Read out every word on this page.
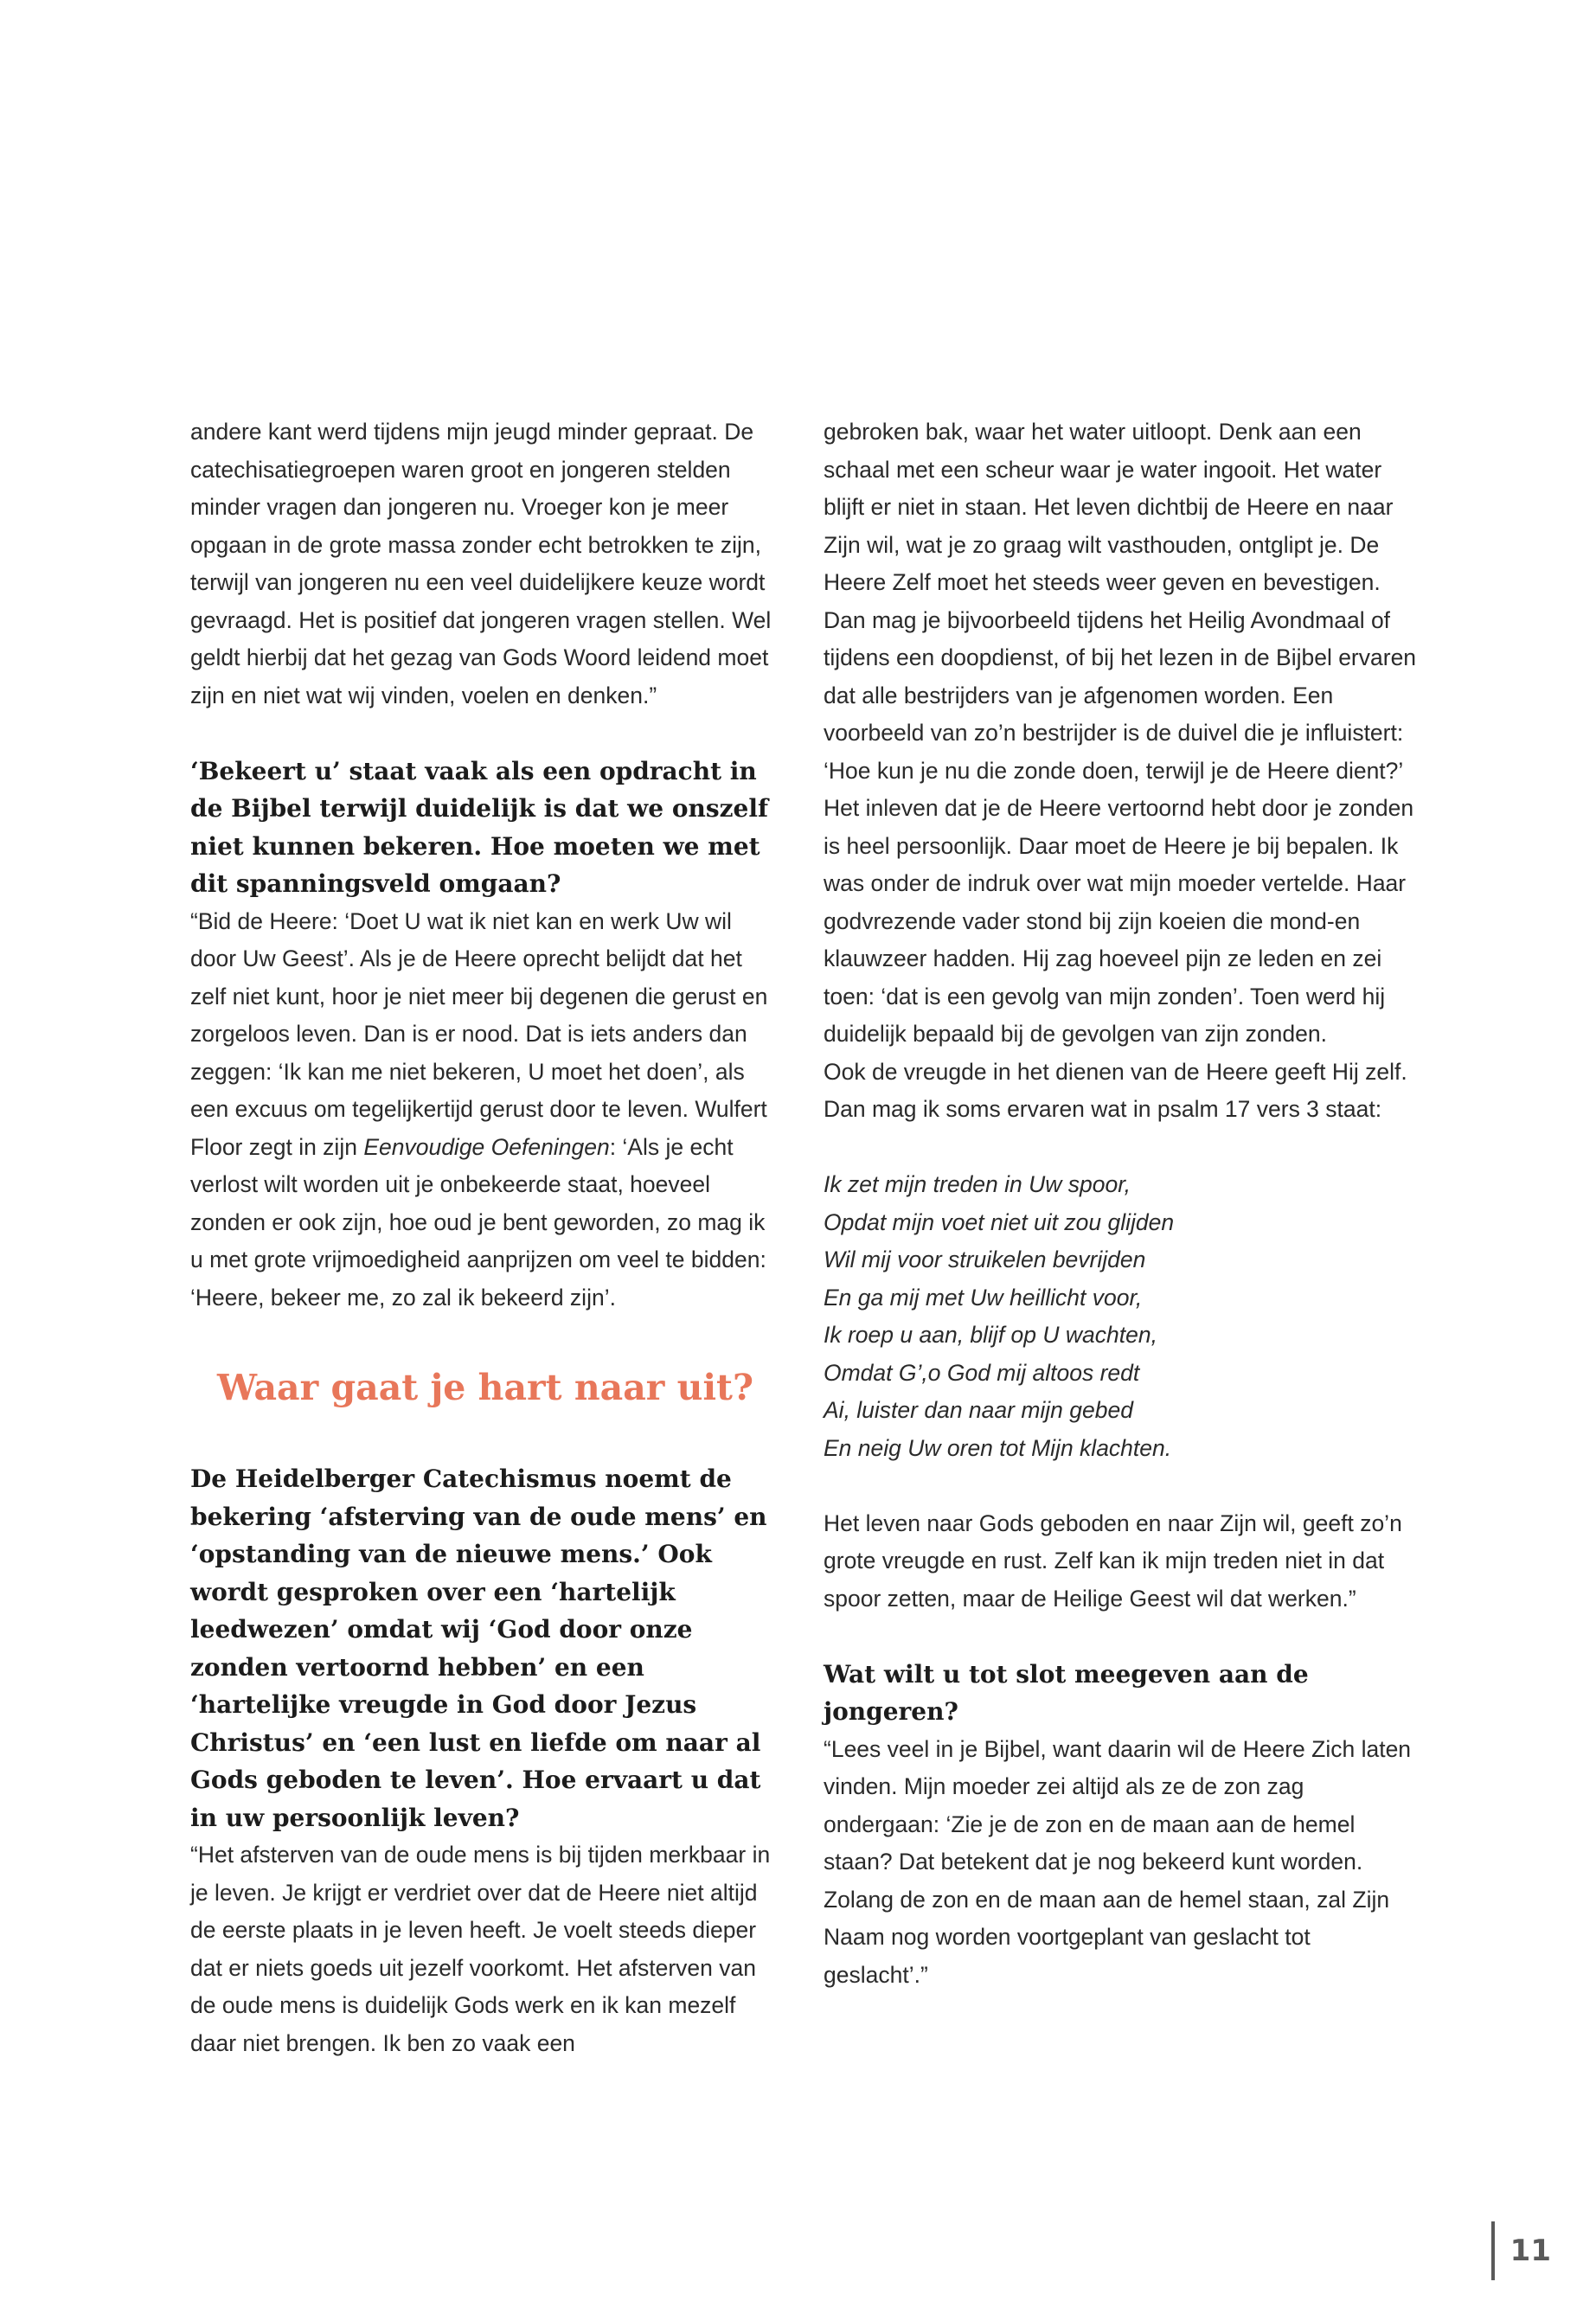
andere kant werd tijdens mijn jeugd minder gepraat. De catechisatiegroepen waren groot en jongeren stelden minder vragen dan jongeren nu. Vroeger kon je meer opgaan in de grote massa zonder echt betrokken te zijn, terwijl van jongeren nu een veel duidelijkere keuze wordt gevraagd. Het is positief dat jongeren vragen stellen. Wel geldt hierbij dat het gezag van Gods Woord leidend moet zijn en niet wat wij vinden, voelen en denken.”

‘Bekeert u’ staat vaak als een opdracht in de Bijbel terwijl duidelijk is dat we onszelf niet kunnen bekeren. Hoe moeten we met dit spanningsveld omgaan?

“Bid de Heere: ‘Doet U wat ik niet kan en werk Uw wil door Uw Geest’. Als je de Heere oprecht belijdt dat het zelf niet kunt, hoor je niet meer bij degenen die gerust en zorgeloos leven. Dan is er nood. Dat is iets anders dan zeggen: ‘Ik kan me niet bekeren, U moet het doen’, als een excuus om tegelijkertijd gerust door te leven. Wulfert Floor zegt in zijn Eenvoudige Oefeningen: ‘Als je echt verlost wilt worden uit je onbekeerde staat, hoeveel zonden er ook zijn, hoe oud je bent geworden, zo mag ik u met grote vrijmoedigheid aanprijzen om veel te bidden: ‘Heere, bekeer me, zo zal ik bekeerd zijn’.

Waar gaat je hart naar uit?

De Heidelberger Catechismus noemt de bekering ‘afsterving van de oude mens’ en ‘opstanding van de nieuwe mens.’ Ook wordt gesproken over een ‘hartelijk leedwezen’ omdat wij ‘God door onze zonden vertoornd hebben’ en een ‘hartelijke vreugde in God door Jezus Christus’ en ‘een lust en liefde om naar al Gods geboden te leven’. Hoe ervaart u dat in uw persoonlijk leven?

“Het afsterven van de oude mens is bij tijden merkbaar in je leven. Je krijgt er verdriet over dat de Heere niet altijd de eerste plaats in je leven heeft. Je voelt steeds dieper dat er niets goeds uit jezelf voorkomt. Het afsterven van de oude mens is duidelijk Gods werk en ik kan mezelf daar niet brengen. Ik ben zo vaak een

gebroken bak, waar het water uitloopt. Denk aan een schaal met een scheur waar je water ingooit. Het water blijft er niet in staan. Het leven dichtbij de Heere en naar Zijn wil, wat je zo graag wilt vasthouden, ontglipt je. De Heere Zelf moet het steeds weer geven en bevestigen. Dan mag je bijvoorbeeld tijdens het Heilig Avondmaal of tijdens een doopdienst, of bij het lezen in de Bijbel ervaren dat alle bestrijders van je afgenomen worden. Een voorbeeld van zo’n bestrijder is de duivel die je influistert: ‘Hoe kun je nu die zonde doen, terwijl je de Heere dient?’

Het inleven dat je de Heere vertoornd hebt door je zonden is heel persoonlijk. Daar moet de Heere je bij bepalen. Ik was onder de indruk over wat mijn moeder vertelde. Haar godvrezende vader stond bij zijn koeien die mond-en klauwzeer hadden. Hij zag hoeveel pijn ze leden en zei toen: ‘dat is een gevolg van mijn zonden’. Toen werd hij duidelijk bepaald bij de gevolgen van zijn zonden.

Ook de vreugde in het dienen van de Heere geeft Hij zelf. Dan mag ik soms ervaren wat in psalm 17 vers 3 staat:

Ik zet mijn treden in Uw spoor,

Opdat mijn voet niet uit zou glijden

Wil mij voor struikelen bevrijden

En ga mij met Uw heillicht voor,

Ik roep u aan, blijf op U wachten,

Omdat G’,o God mij altoos redt

Ai, luister dan naar mijn gebed

En neig Uw oren tot Mijn klachten.

Het leven naar Gods geboden en naar Zijn wil, geeft zo’n grote vreugde en rust. Zelf kan ik mijn treden niet in dat spoor zetten, maar de Heilige Geest wil dat werken.”

Wat wilt u tot slot meegeven aan de jongeren?

“Lees veel in je Bijbel, want daarin wil de Heere Zich laten vinden. Mijn moeder zei altijd als ze de zon zag ondergaan: ‘Zie je de zon en de maan aan de hemel staan? Dat betekent dat je nog bekeerd kunt worden. Zolang de zon en de maan aan de hemel staan, zal Zijn Naam nog worden voortgeplant van geslacht tot geslacht’.”

11
